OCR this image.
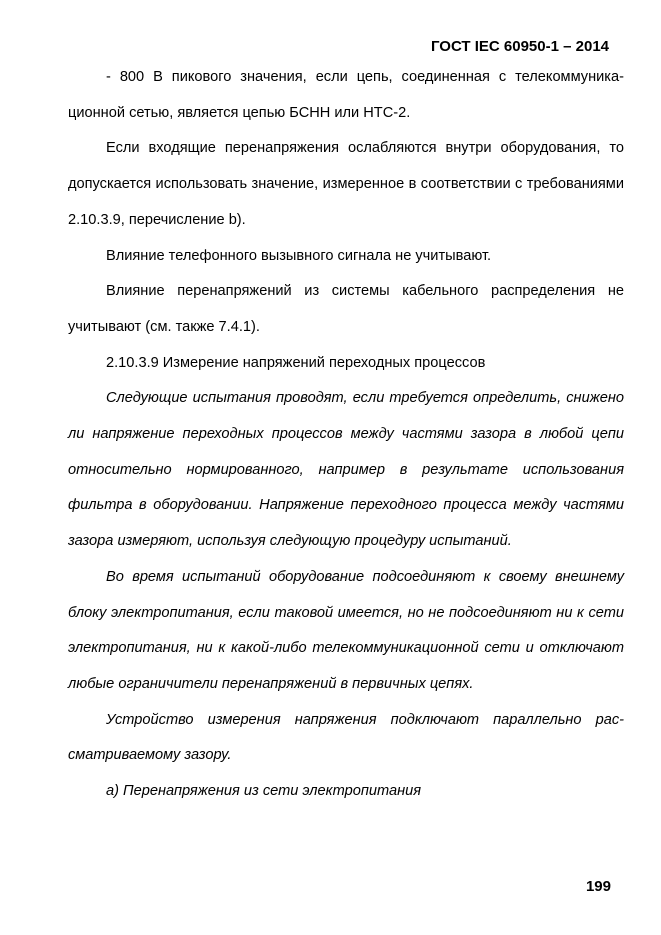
ГОСТ IEC 60950-1 – 2014

- 800 В пикового значения, если цепь, соединенная с телекоммуникационной сетью, является цепью БСНН или НТС-2.

Если входящие перенапряжения ослабляются внутри оборудования, то допускается использовать значение, измеренное в соответствии с требованиями 2.10.3.9, перечисление b).

Влияние телефонного вызывного сигнала не учитывают.

Влияние перенапряжений из системы кабельного распределения не учитывают (см. также 7.4.1).

2.10.3.9 Измерение напряжений переходных процессов

Следующие испытания проводят, если требуется определить, снижено ли напряжение переходных процессов между частями зазора в любой цепи относительно нормированного, например в результате использования фильтра в оборудовании. Напряжение переходного процесса между частями зазора измеряют, используя следующую процедуру испытаний.

Во время испытаний оборудование подсоединяют к своему внешнему блоку электропитания, если таковой имеется, но не подсоединяют ни к сети электропитания, ни к какой-либо телекоммуникационной сети и отключают любые ограничители перенапряжений в первичных цепях.

Устройство измерения напряжения подключают параллельно рассматриваемому зазору.

а) Перенапряжения из сети электропитания

199
